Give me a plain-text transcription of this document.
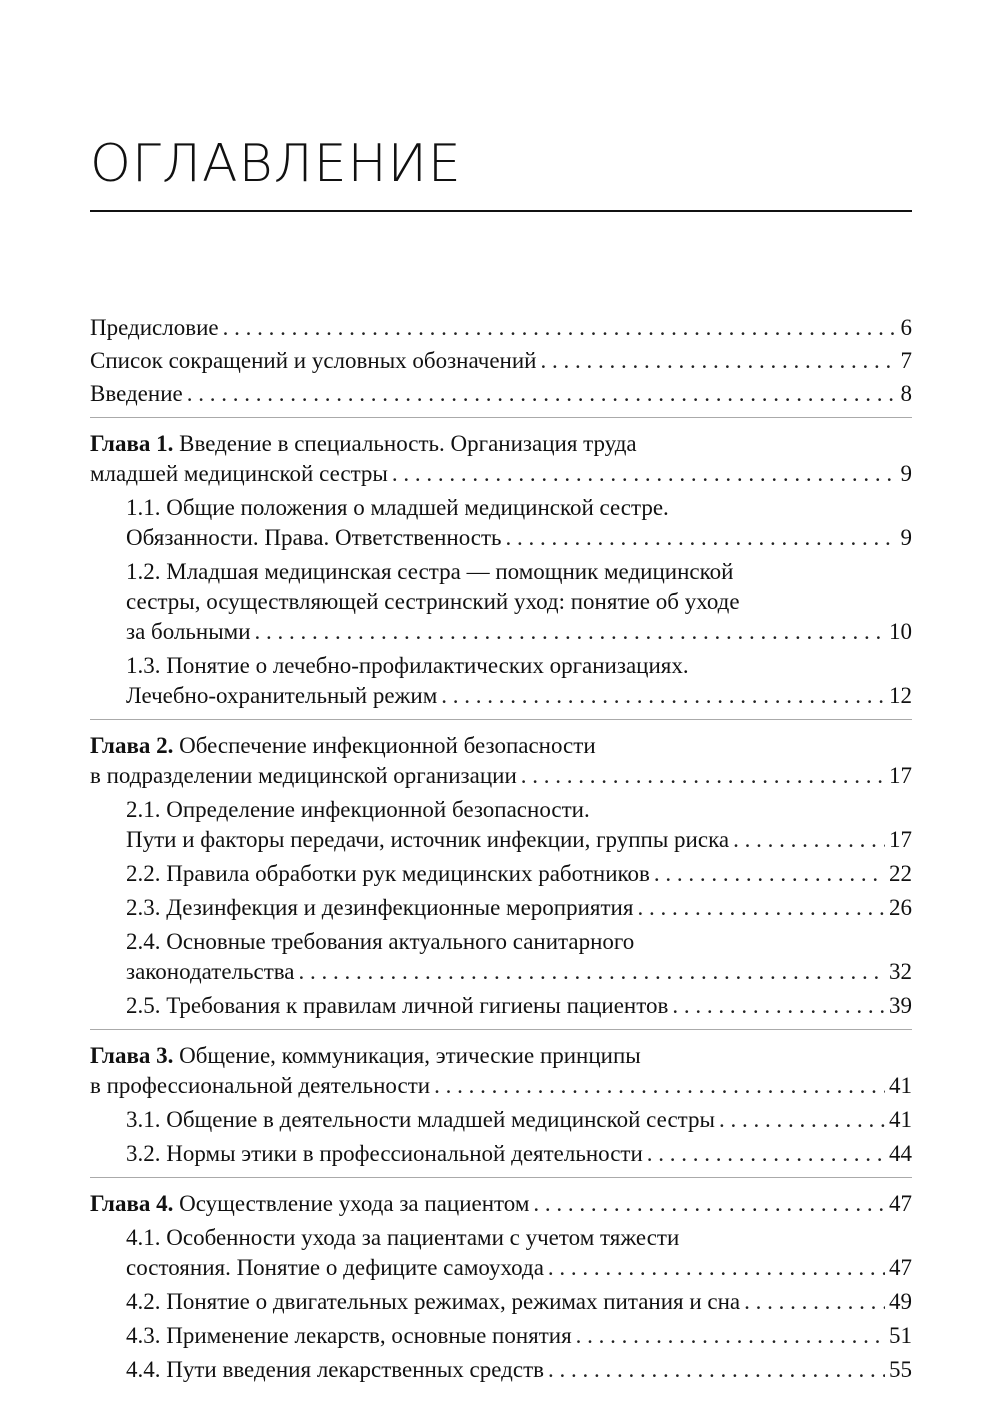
ОГЛАВЛЕНИЕ
Предисловие . . .	6
Список сокращений и условных обозначений . . .	7
Введение . . .	8
Глава 1. Введение в специальность. Организация труда
младшей медицинской сестры . . .	9
1.1. Общие положения о младшей медицинской сестре.
Обязанности. Права. Ответственность . . .	9
1.2. Младшая медицинская сестра — помощник медицинской
сестры, осуществляющей сестринский уход: понятие об уходе
за больными . . .	10
1.3. Понятие о лечебно-профилактических организациях.
Лечебно-охранительный режим . . .	12
Глава 2. Обеспечение инфекционной безопасности
в подразделении медицинской организации . . .	17
2.1. Определение инфекционной безопасности.
Пути и факторы передачи, источник инфекции, группы риска . . .	17
2.2. Правила обработки рук медицинских работников . . .	22
2.3. Дезинфекция и дезинфекционные мероприятия . . .	26
2.4. Основные требования актуального санитарного
законодательства . . .	32
2.5. Требования к правилам личной гигиены пациентов . . .	39
Глава 3. Общение, коммуникация, этические принципы
в профессиональной деятельности . . .	41
3.1. Общение в деятельности младшей медицинской сестры . . .	41
3.2. Нормы этики в профессиональной деятельности . . .	44
Глава 4. Осуществление ухода за пациентом . . .	47
4.1. Особенности ухода за пациентами с учетом тяжести
состояния. Понятие о дефиците самоухода . . .	47
4.2. Понятие о двигательных режимах, режимах питания и сна . . .	49
4.3. Применение лекарств, основные понятия . . .	51
4.4. Пути введения лекарственных средств . . .	55
